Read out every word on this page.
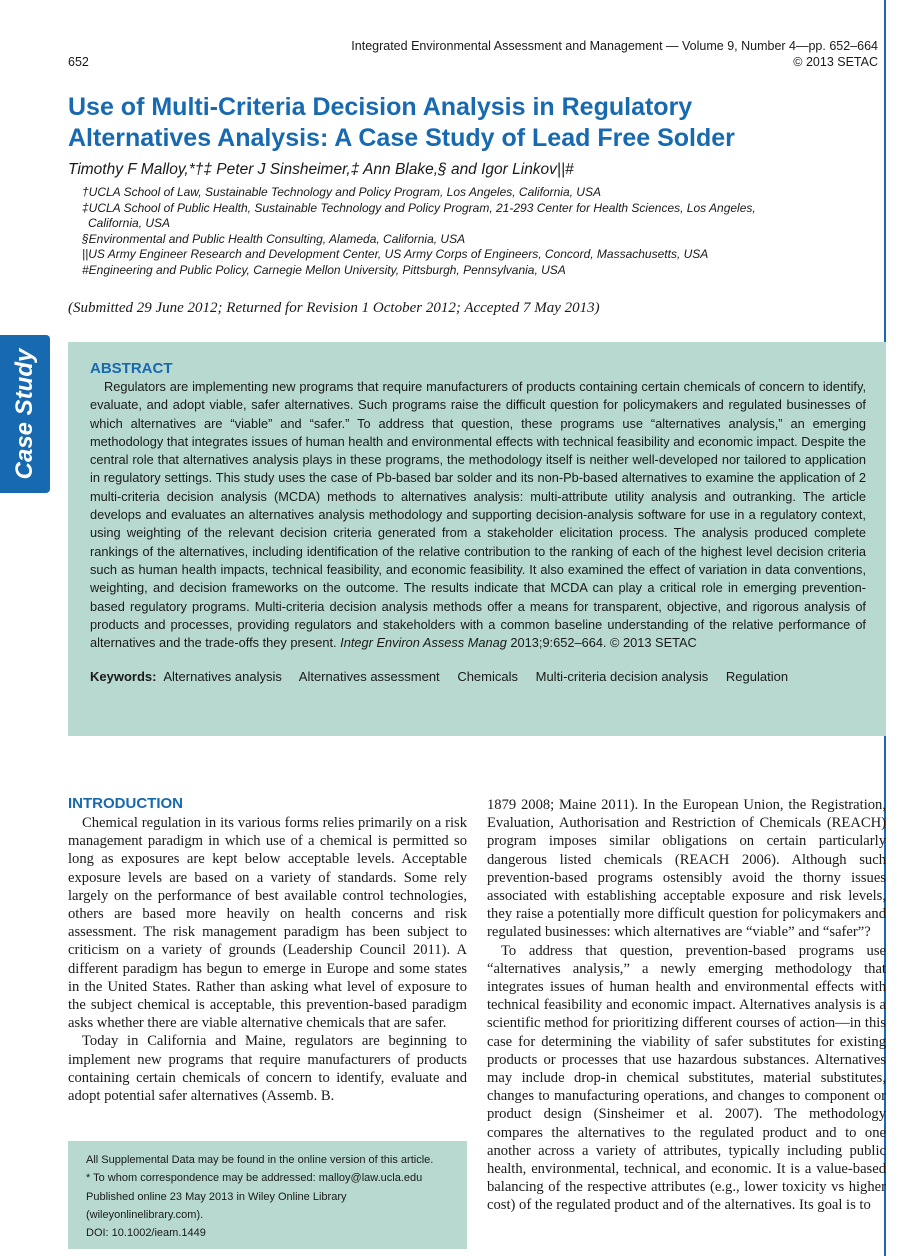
Integrated Environmental Assessment and Management — Volume 9, Number 4—pp. 652–664
© 2013 SETAC
652
Use of Multi-Criteria Decision Analysis in Regulatory
Alternatives Analysis: A Case Study of Lead Free Solder
Timothy F Malloy,*†‡ Peter J Sinsheimer,‡ Ann Blake,§ and Igor Linkov||#
†UCLA School of Law, Sustainable Technology and Policy Program, Los Angeles, California, USA
‡UCLA School of Public Health, Sustainable Technology and Policy Program, 21-293 Center for Health Sciences, Los Angeles,
California, USA
§Environmental and Public Health Consulting, Alameda, California, USA
||US Army Engineer Research and Development Center, US Army Corps of Engineers, Concord, Massachusetts, USA
#Engineering and Public Policy, Carnegie Mellon University, Pittsburgh, Pennsylvania, USA
(Submitted 29 June 2012; Returned for Revision 1 October 2012; Accepted 7 May 2013)
Case Study	ABSTRACT

Regulators are implementing new programs that require manufacturers of products containing certain chemicals of concern to identify, evaluate, and adopt viable, safer alternatives. Such programs raise the difficult question for policymakers and regulated businesses of which alternatives are “viable” and “safer.” To address that question, these programs use “alternatives analysis,” an emerging methodology that integrates issues of human health and environmental effects with technical feasibility and economic impact. Despite the central role that alternatives analysis plays in these programs, the methodology itself is neither well-developed nor tailored to application in regulatory settings. This study uses the case of Pb-based bar solder and its non-Pb-based alternatives to examine the application of 2 multi-criteria decision analysis (MCDA) methods to alternatives analysis: multi-attribute utility analysis and outranking. The article develops and evaluates an alternatives analysis methodology and supporting decision-analysis software for use in a regulatory context, using weighting of the relevant decision criteria generated from a stakeholder elicitation process. The analysis produced complete rankings of the alternatives, including identification of the relative contribution to the ranking of each of the highest level decision criteria such as human health impacts, technical feasibility, and economic feasibility. It also examined the effect of variation in data conventions, weighting, and decision frameworks on the outcome. The results indicate that MCDA can play a critical role in emerging prevention-based regulatory programs. Multi-criteria decision analysis methods offer a means for transparent, objective, and rigorous analysis of products and processes, providing regulators and stakeholders with a common baseline understanding of the relative performance of alternatives and the trade-offs they present. Integr Environ Assess Manag 2013;9:652–664. © 2013 SETAC

Keywords: Alternatives analysis Alternatives assessment Chemicals Multi-criteria decision analysis Regulation
INTRODUCTION

Chemical regulation in its various forms relies primarily on a risk management paradigm in which use of a chemical is permitted so long as exposures are kept below acceptable levels. Acceptable exposure levels are based on a variety of standards. Some rely largely on the performance of best available control technologies, others are based more heavily on health concerns and risk assessment. The risk management paradigm has been subject to criticism on a variety of grounds (Leadership Council 2011). A different paradigm has begun to emerge in Europe and some states in the United States. Rather than asking what level of exposure to the subject chemical is acceptable, this prevention-based paradigm asks whether there are viable alternative chemicals that are safer.

Today in California and Maine, regulators are beginning to implement new programs that require manufacturers of products containing certain chemicals of concern to identify, evaluate and adopt potential safer alternatives (Assemb. B.

1879 2008; Maine 2011). In the European Union, the Registration, Evaluation, Authorisation and Restriction of Chemicals (REACH) program imposes similar obligations on certain particularly dangerous listed chemicals (REACH 2006). Although such prevention-based programs ostensibly avoid the thorny issues associated with establishing acceptable exposure and risk levels, they raise a potentially more difficult question for policymakers and regulated businesses: which alternatives are “viable” and “safer”?

To address that question, prevention-based programs use “alternatives analysis,” a newly emerging methodology that integrates issues of human health and environmental effects with technical feasibility and economic impact. Alternatives analysis is a scientific method for prioritizing different courses of action—in this case for determining the viability of safer substitutes for existing products or processes that use hazardous substances. Alternatives may include drop-in chemical substitutes, material substitutes, changes to manufacturing operations, and changes to component or product design (Sinsheimer et al. 2007). The methodology compares the alternatives to the regulated product and to one another across a variety of attributes, typically including public health, environmental, technical, and economic. It is a value-based balancing of the respective attributes (e.g., lower toxicity vs higher cost) of the regulated product and of the alternatives. Its goal is to

All Supplemental Data may be found in the online version of this article.
* To whom correspondence may be addressed: malloy@law.ucla.edu
Published online 23 May 2013 in Wiley Online Library
(wileyonlinelibrary.com).
DOI: 10.1002/ieam.1449
